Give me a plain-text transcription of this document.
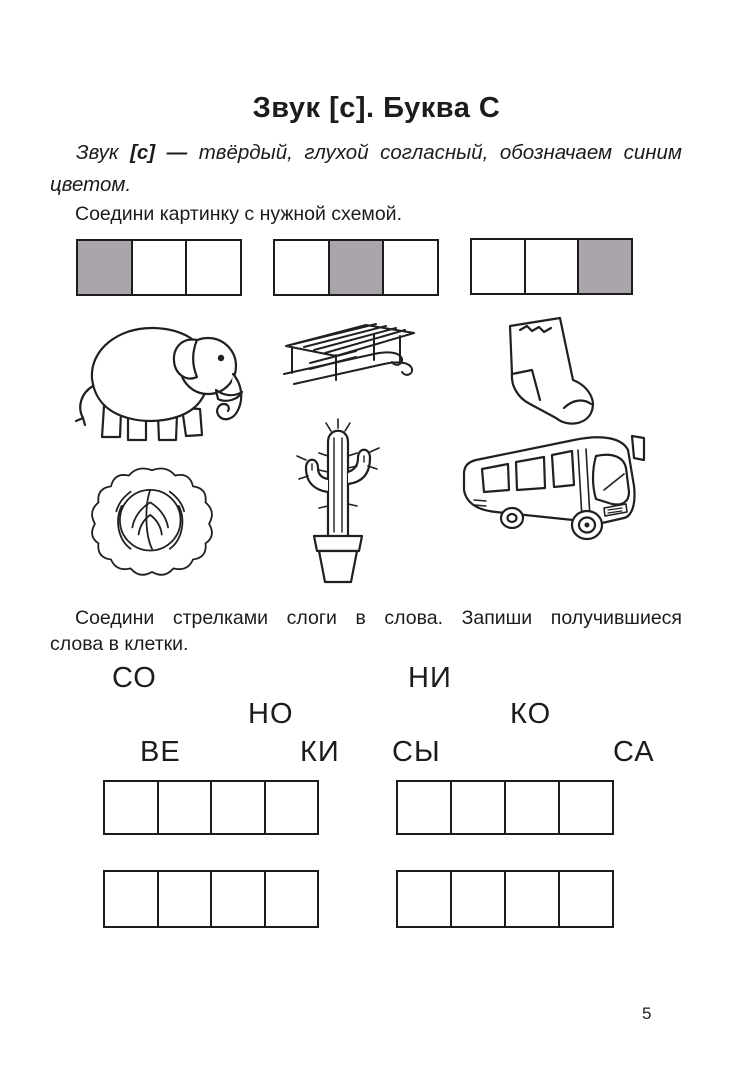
Звук [с]. Буква С
Звук [с] — твёрдый, глухой согласный, обозначаем синим
цветом.
Соедини картинку с нужной схемой.
Соедини стрелками слоги в слова. Запиши получившиеся
слова в клетки.
СО	НИ
НО	КО
ВЕ	КИ СЫ	СА
5
